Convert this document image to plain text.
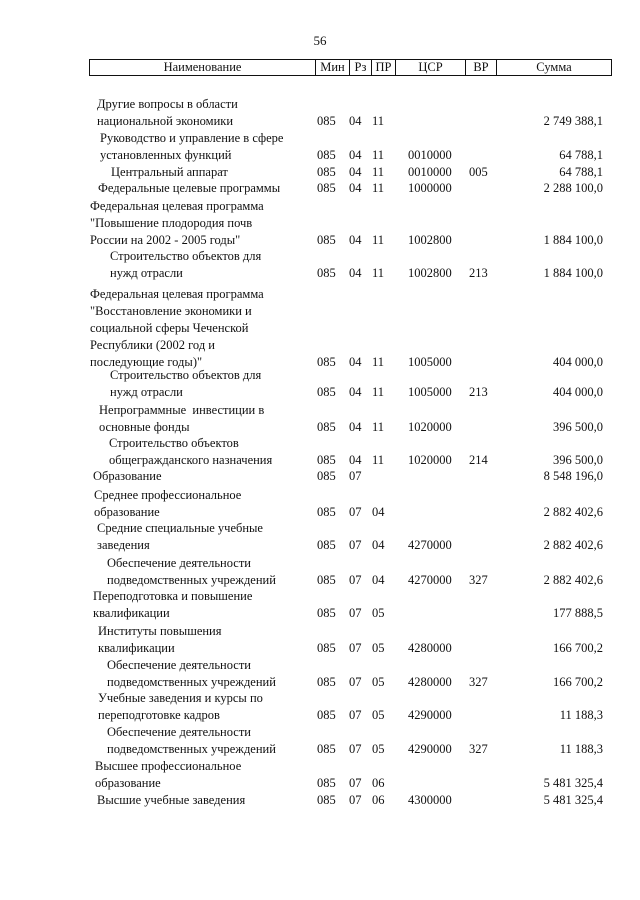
56
Наименование	Мин Рз ПР	ЦСР	ВР	Сумма
Другие вопросы в области
национальной экономики	085 04 11	2 749 388,1
Руководство и управление в сфере
установленных функций	085 04 11 0010000	64 788,1
Центральный аппарат	085 04 11 0010000 005	64 788,1
Федеральные целевые программы	085 04 11 1000000	2 288 100,0
Федеральная целевая программа
"Повышение плодородия почв
России на 2002 - 2005 годы"	085 04 11 1002800	1 884 100,0
Строительство объектов для
нужд отрасли	085 04 11 1002800 213	1 884 100,0
Федеральная целевая программа
"Восстановление экономики и
социальной сферы Чеченской
Республики (2002 год и
последующие годы)"	085 04 11 1005000	404 000,0
Строительство объектов для
нужд отрасли	085 04 11 1005000 213	404 000,0
Непрограммные  инвестиции в
основные фонды	085 04 11 1020000	396 500,0
Строительство объектов
общегражданского назначения	085 04 11 1020000 214	396 500,0
Образование	085 07	8 548 196,0
Среднее профессиональное
образование	085 07 04	2 882 402,6
Средние специальные учебные
заведения	085 07 04 4270000	2 882 402,6
Обеспечение деятельности
подведомственных учреждений	085 07 04 4270000 327	2 882 402,6
Переподготовка и повышение
квалификации	085 07 05	177 888,5
Институты повышения
квалификации	085 07 05 4280000	166 700,2
Обеспечение деятельности
подведомственных учреждений	085 07 05 4280000 327	166 700,2
Учебные заведения и курсы по
переподготовке кадров	085 07 05 4290000	11 188,3
Обеспечение деятельности
подведомственных учреждений	085 07 05 4290000 327	11 188,3
Высшее профессиональное
образование	085 07 06	5 481 325,4
Высшие учебные заведения	085 07 06 4300000	5 481 325,4
